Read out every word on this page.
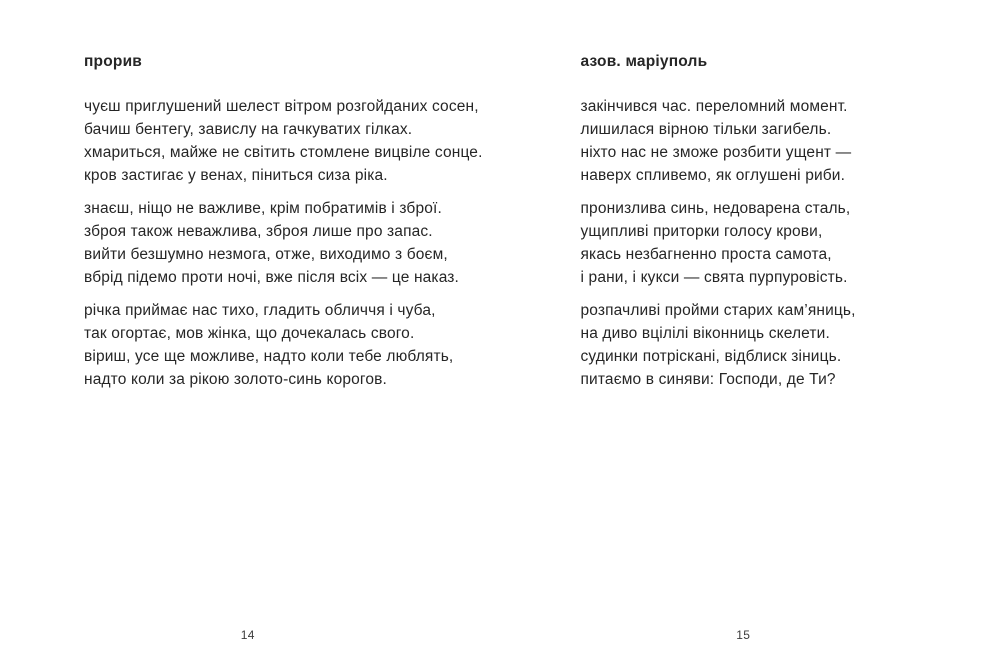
прорив

чуєш приглушений шелест вітром розгойданих сосен,

бачиш бентегу, завислу на гачкуватих гілках.

хмариться, майже не світить стомлене вицвіле сонце.

кров застигає у венах, піниться сиза ріка.

знаєш, ніщо не важливе, крім побратимів і зброї.

зброя також неважлива, зброя лише про запас.

вийти безшумно незмога, отже, виходимо з боєм,

вбрід підемо проти ночі, вже після всіх — це наказ.

річка приймає нас тихо, гладить обличчя і чуба,

так огортає, мов жінка, що дочекалась свого.

віриш, усе ще можливе, надто коли тебе люблять,

надто коли за рікою золото-синь корогов.

14
азов. маріуполь

закінчився час. переломний момент.

лишилася вірною тільки загибель.

ніхто нас не зможе розбити ущент —

наверх спливемо, як оглушені риби.

пронизлива синь, недоварена сталь,

ущипливі приторки голосу крови,

якась незбагненно проста самота,

і рани, і кукси — свята пурпуровість.

розпачливі пройми старих кам’яниць,

на диво вцілілі віконниць скелети.

судинки потріскані, відблиск зіниць.

питаємо в синяви: Господи, де Ти?

15
